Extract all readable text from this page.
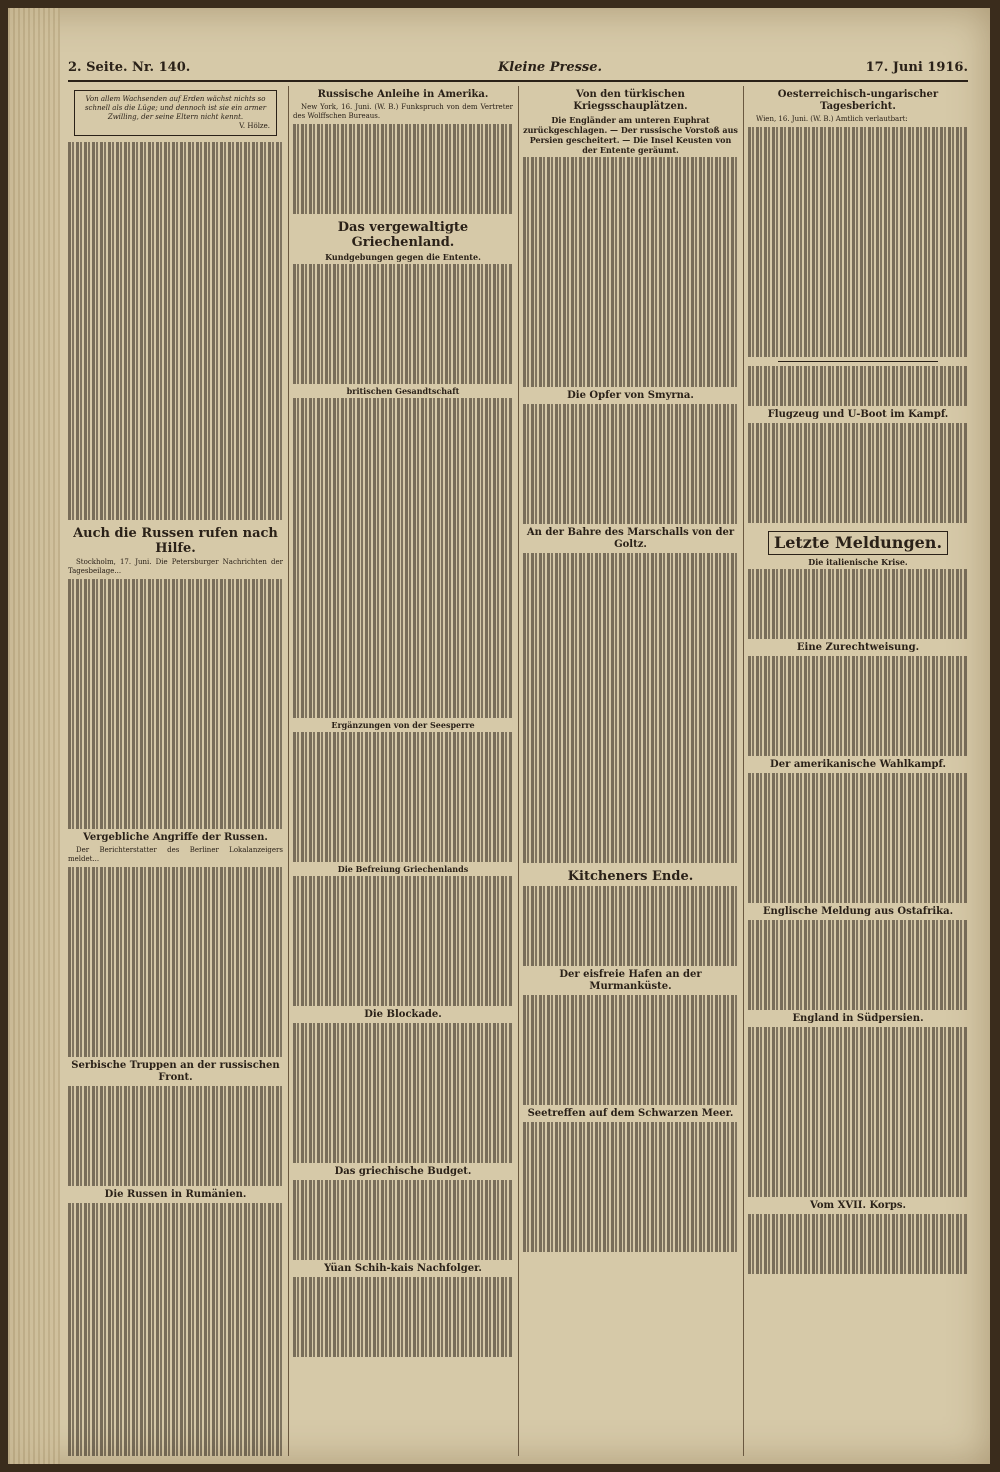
2. Seite. Nr. 140.	Kleine Presse.	17. Juni 1916.
Von allem Wachsenden auf Erden wächst nichts so schnell als die Lüge; und dennoch ist sie ein armer Zwilling, der seine Eltern nicht kennt.
V. Hölze.
Auch die Russen rufen nach Hilfe.

Stockholm, 17. Juni. Die Petersburger Nachrichten der Tagesbeilage...

Vergebliche Angriffe der Russen.

Der Berichterstatter des Berliner Lokalanzeigers meldet...

Serbische Truppen an der russischen Front.
Die Russen in Rumänien.
Russische Anleihe in Amerika.

New York, 16. Juni. (W. B.) Funkspruch von dem Vertreter des Wolffschen Bureaus.

Das vergewaltigte Griechenland.
Kundgebungen gegen die Entente.
britischen Gesandtschaft
Ergänzungen von der Seesperre
Die Befreiung Griechenlands
Die Blockade.
Das griechische Budget.
Yüan Schih-kais Nachfolger.
Von den türkischen Kriegsschauplätzen.
Die Engländer am unteren Euphrat zurückgeschlagen. — Der russische Vorstoß aus Persien gescheitert. — Die Insel Keusten von der Entente geräumt.
Die Opfer von Smyrna.
An der Bahre des Marschalls von der Goltz.
Kitcheners Ende.
Der eisfreie Hafen an der Murmanküste.
Seetreffen auf dem Schwarzen Meer.
Oesterreichisch-ungarischer Tagesbericht.

Wien, 16. Juni. (W. B.) Amtlich verlautbart:

Flugzeug und U-Boot im Kampf.
Letzte Meldungen.
Die italienische Krise.
Eine Zurechtweisung.
Der amerikanische Wahlkampf.
Englische Meldung aus Ostafrika.
England in Südpersien.
Vom XVII. Korps.
